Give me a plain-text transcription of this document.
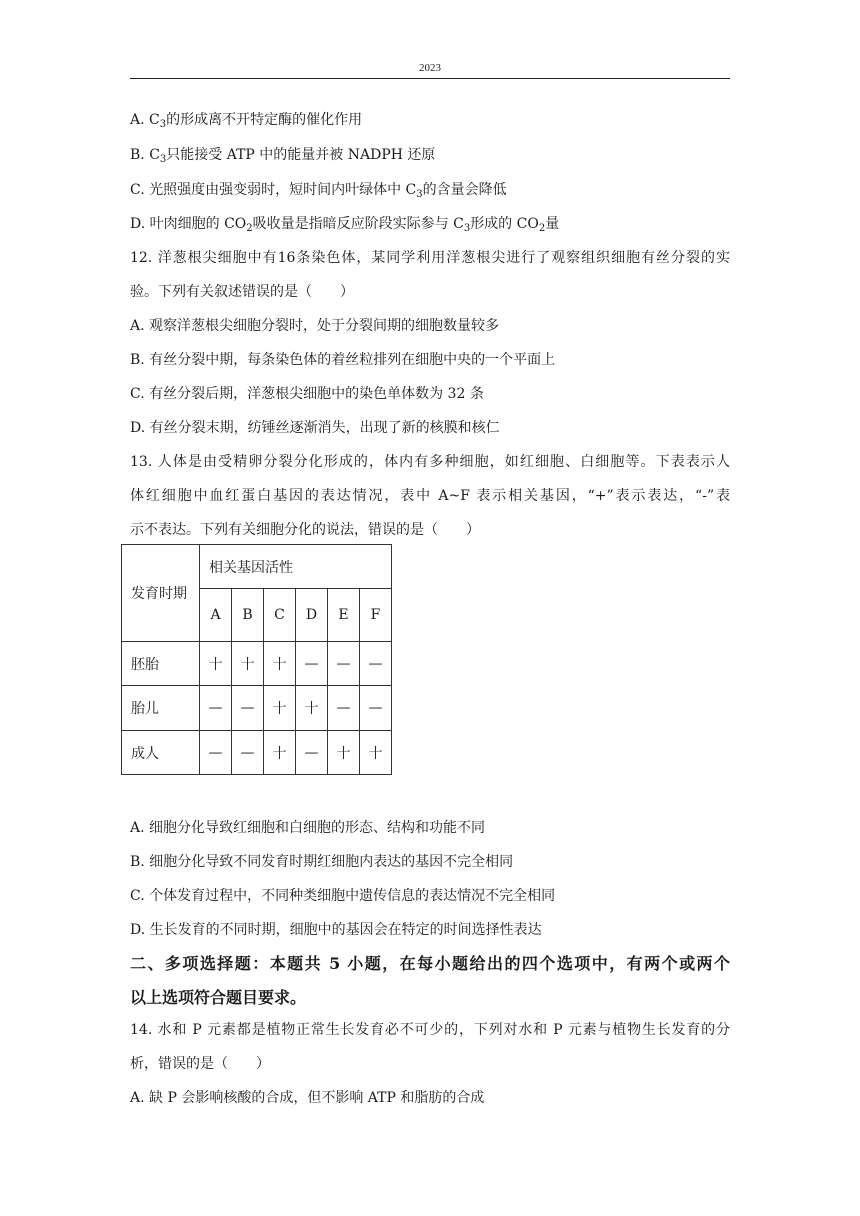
2023
A. $C_3$的形成离不开特定酶的催化作用
B. $C_3$只能接受 ATP 中的能量并被 NADPH 还原
C. 光照强度由强变弱时，短时间内叶绿体中 $C_3$的含量会降低
D. 叶肉细胞的 $CO_2$吸收量是指暗反应阶段实际参与 $C_3$形成的 $CO_2$量
12. 洋葱根尖细胞中有16条染色体，某同学利用洋葱根尖进行了观察组织细胞有丝分裂的实
验。下列有关叙述错误的是（　　）
A. 观察洋葱根尖细胞分裂时，处于分裂间期的细胞数量较多
B. 有丝分裂中期，每条染色体的着丝粒排列在细胞中央的一个平面上
C. 有丝分裂后期，洋葱根尖细胞中的染色单体数为 32 条
D. 有丝分裂末期，纺锤丝逐渐消失，出现了新的核膜和核仁
13. 人体是由受精卵分裂分化形成的，体内有多种细胞，如红细胞、白细胞等。下表表示人
体红细胞中血红蛋白基因的表达情况，表中 A~F 表示相关基因，“+”表示表达，“-”表
示不表达。下列有关细胞分化的说法，错误的是（　　）
发育时期	相关基因活性					
	A	B	C	D	E	F
胚胎	十	十	十	—	—	—
胎儿	—	—	十	十	—	—
成人	—	—	十	—	十	十
A. 细胞分化导致红细胞和白细胞的形态、结构和功能不同
B. 细胞分化导致不同发育时期红细胞内表达的基因不完全相同
C. 个体发育过程中，不同种类细胞中遗传信息的表达情况不完全相同
D. 生长发育的不同时期，细胞中的基因会在特定的时间选择性表达
二、多项选择题：本题共 5 小题，在每小题给出的四个选项中，有两个或两个
以上选项符合题目要求。
14. 水和 P 元素都是植物正常生长发育必不可少的，下列对水和 P 元素与植物生长发育的分
析，错误的是（　　）
A. 缺 P 会影响核酸的合成，但不影响 ATP 和脂肪的合成
